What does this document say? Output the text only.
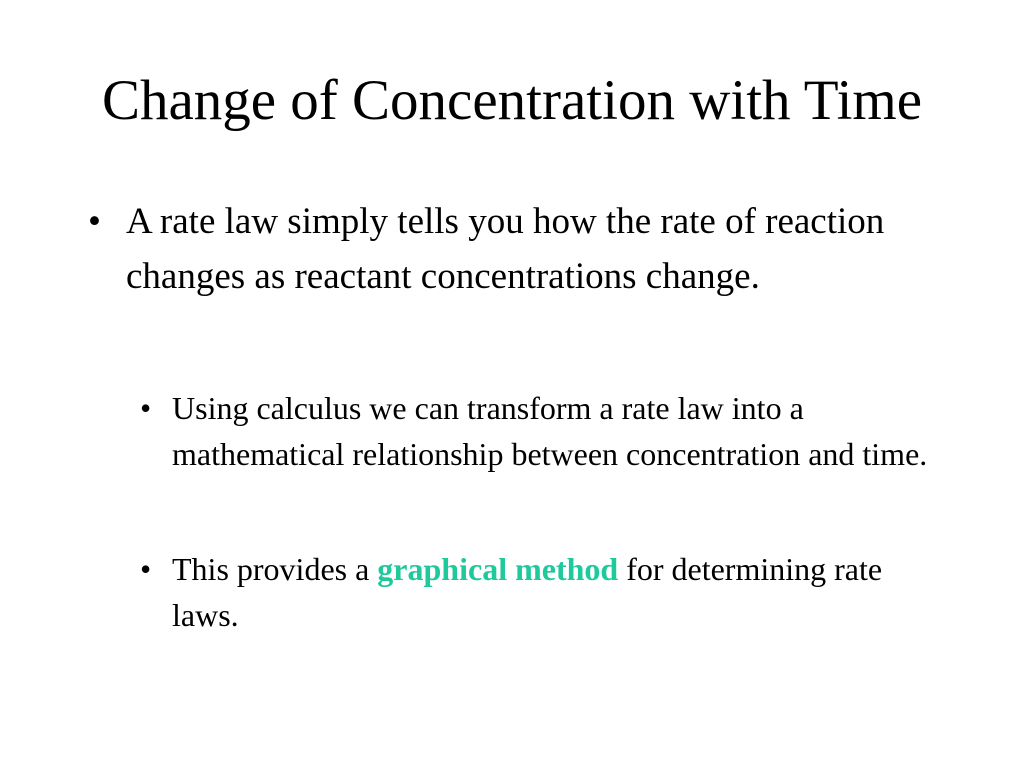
Change of Concentration with Time
• A rate law simply tells you how the rate of reaction changes as reactant concentrations change.
• Using calculus we can transform a rate law into a mathematical relationship between concentration and time.
• This provides a graphical method for determining rate laws.
